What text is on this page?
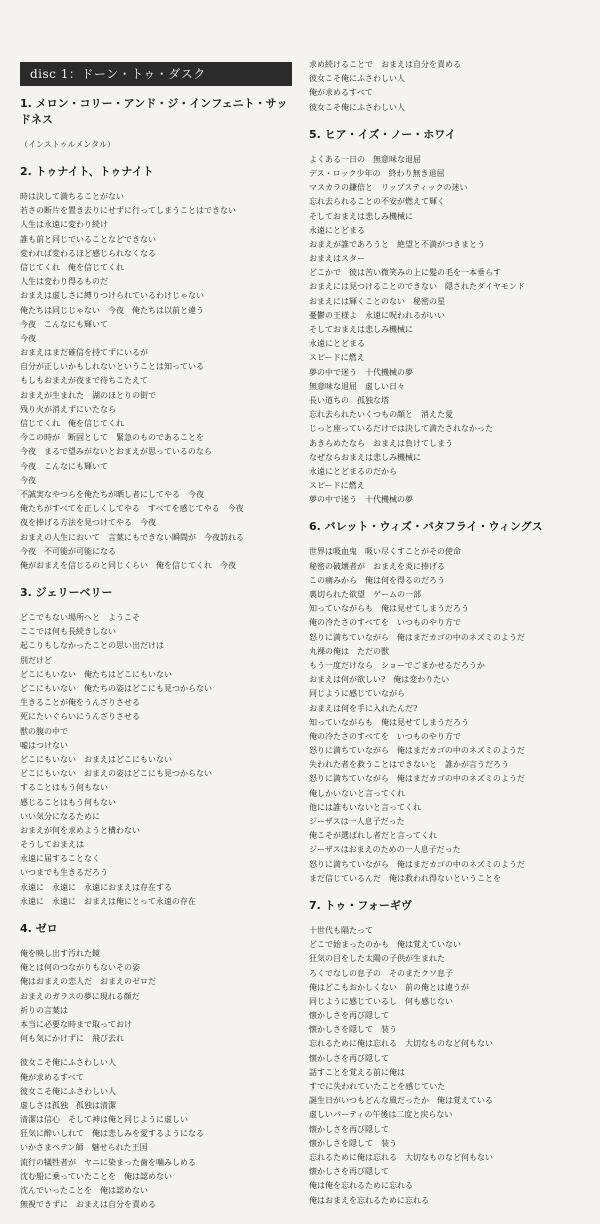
disc 1：ドーン・トゥ・ダスク
1. メロン・コリー・アンド・ジ・インフェニト・サッドネス
（インストゥルメンタル）
2. トゥナイト、トゥナイト
時は決して満ちることがない
若さの断片を置き去りにせずに行ってしまうことはできない
人生は永遠に変わり続け
誰も前と同じでいることなどできない
変われば変わるほど感じられなくなる
信じてくれ　俺を信じてくれ
人生は変わり得るものだ
おまえは虚しさに縛りつけられているわけじゃない
俺たちは同じじゃない　今夜　俺たちは以前と違う
今夜　こんなにも輝いて
今夜
おまえはまだ確信を持てずにいるが
自分が正しいかもしれないということは知っている
もしもおまえが夜まで待ちこたえて
おまえが生まれた　湖のほとりの街で
残り火が消えずにいたなら
信じてくれ　俺を信じてくれ
今この時が　断固として　緊急のものであることを
今夜　まるで望みがないとおまえが思っているのなら
今夜　こんなにも輝いて
今夜
不誠実なやつらを俺たちが晒し者にしてやる　今夜
俺たちがすべてを正しくしてやる　すべてを感じてやる　今夜
夜を捧げる方法を見つけてやる　今夜
おまえの人生において　言葉にもできない瞬間が　今夜訪れる
今夜　不可能が可能になる
俺がおまえを信じるのと同じくらい　俺を信じてくれ　今夜
3. ジェリーベリー
どこでもない場所へと　ようこそ
ここでは何も長続きしない
起こりもしなかったことの思い出だけは
別だけど
どこにもいない　俺たちはどこにもいない
どこにもいない　俺たちの姿はどこにも見つからない
生きることが俺をうんざりさせる
死にたいぐらいにうんざりさせる
獣の腹の中で
嘘はつけない
どこにもいない　おまえはどこにもいない
どこにもいない　おまえの姿はどこにも見つからない
することはもう何もない
感じることはもう何もない
いい気分になるために
おまえが何を求めようと構わない
そうしておまえは
永遠に届することなく
いつまでも生きるだろう
永遠に　永遠に　永遠におまえは存在する
永遠に　永遠に　おまえは俺にとって永遠の存在
4. ゼロ
俺を映し出す汚れた鏡
俺とは何のつながりもないその姿
俺はおまえの恋人だ　おまえのゼロだ
おまえのガラスの夢に現れる顔だ
祈りの言葉は
本当に必要な時まで取っておけ
何も気にかけずに　飛び去れ
彼女こそ俺にふさわしい人
俺が求めるすべて
彼女こそ俺にふさわしい人
虚しさは孤独　孤独は清潔
清潔は信心　そして神は俺と同じように虚しい
狂気に酔いしれて　俺は悲しみを愛するようになる
いかさまペテン師　魅せられた王国
流行の犠牲者が　ヤニに染まった歯を噛みしめる
沈む船に乗っていたことを　俺は認めない
沈んでいったことを　俺は認めない
無視できずに　おまえは自分を責める
求め続けることで　おまえは自分を責める
彼女こそ俺にふさわしい人
俺が求めるすべて
彼女こそ俺にふさわしい人
5. ヒア・イズ・ノー・ホワイ
よくある一日の　無意味な退屈
デス・ロック少年の　終わり無き退屈
マスカラの鎌倍と　リップスティックの迷い
忘れ去られることの不安が燃えて輝く
そしておまえは悲しみ機械に
永遠にとどまる
おまえが誰であろうと　絶望と不満がつきまとう
おまえはスター
どこかで　彼は苦い微笑みの上に髪の毛を一本垂らす
おまえには見つけることのできない　隠されたダイヤモンド
おまえには輝くことのない　秘密の星
憂鬱の王様よ　永遠に呪われるがいい
そしておまえは悲しみ機械に
永遠にとどまる
スピードに燃え
夢の中で迷う　十代機械の夢
無意味な退屈　虚しい日々
長い道ちの　孤独な塔
忘れ去られたいくつもの顔と　消えた愛
じっと座っているだけでは決して満たされなかった
あきらめたなら　おまえは負けてしまう
なぜならおまえは悲しみ機械に
永遠にとどまるのだから
スピードに燃え
夢の中で迷う　十代機械の夢
6. バレット・ウィズ・バタフライ・ウィングス
世界は吸血鬼　吸い尽くすことがその使命
秘密の破壊者が　おまえを炎に捧げる
この痛みから　俺は何を得るのだろう
裏切られた欲望　ゲームの一部
知っていながらも　俺は見せてしまうだろう
俺の冷たさのすべてを　いつものやり方で
怒りに満ちていながら　俺はまだカゴの中のネズミのようだ
丸裸の俺は　ただの獣
もう一度だけなら　ショーでごまかせるだろうか
おまえは何が欲しい?　俺は変わりたい
同じように感じていながら
おまえは何を手に入れたんだ?
知っていながらも　俺は見せてしまうだろう
俺の冷たさのすべてを　いつものやり方で
怒りに満ちていながら　俺はまだカゴの中のネズミのようだ
失われた者を救うことはできないと　誰かが言うだろう
怒りに満ちていながら　俺はまだカゴの中のネズミのようだ
俺しかいないと言ってくれ
他には誰もいないと言ってくれ
ジーザスは一人息子だった
俺こそが選ばれし者だと言ってくれ
ジーザスはおまえのための一人息子だった
怒りに満ちていながら　俺はまだカゴの中のネズミのようだ
まだ信じているんだ　俺は救われ得ないということを
7. トゥ・フォーギヴ
十世代も隔たって
どこで始まったのかも　俺は覚えていない
狂気の目をした太陽の子供が生まれた
ろくでなしの息子の　そのまたクソ息子
俺はどこもおかしくない　前の俺とは違うが
同じように感じているし　何も感じない
懐かしさを再び隠して
懐かしさを隠して　装う
忘れるために俺は忘れる　大切なものなど何もない
懐かしさを再び隠して
話すことを覚える前に俺は
すでに失われていたことを感じていた
誕生日がいつもどんな風だったか　俺は覚えている
虚しいパーティの午後は二度と戻らない
懐かしさを再び隠して
懐かしさを隠して　装う
忘れるために俺は忘れる　大切なものなど何もない
懐かしさを再び隠して
俺は俺を忘れるために忘れる
俺はおまえを忘れるために忘れる
